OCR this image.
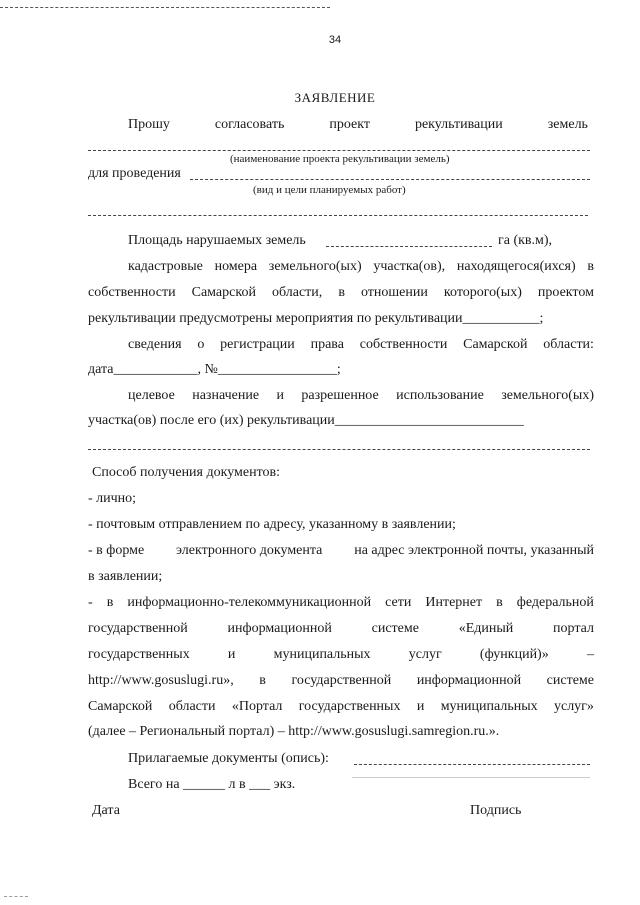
34
ЗАЯВЛЕНИЕ
Прошу	согласовать	проект	рекультивации	земель
(наименование проекта рекультивации земель)
для проведения
(вид и цели планируемых работ)
Площадь нарушаемых земель	га (кв.м),
кадастровые номера земельного(ых) участка(ов), находящегося(ихся) в
собственности Самарской области, в отношении которого(ых) проектом
рекультивации предусмотрены мероприятия по рекультивации___________;
сведения о регистрации права собственности Самарской области:
дата____________, №_________________;
целевое назначение и разрешенное использование земельного(ых)
участка(ов) после его (их) рекультивации___________________________
Способ получения документов:
- лично;
- почтовым отправлением по адресу, указанному в заявлении;
- в форме электронного документа на адрес электронной почты, указанный
в заявлении;
- в информационно-телекоммуникационной сети Интернет в федеральной
государственной	информационной	системе	«Единый	портал
государственных	и	муниципальных	услуг	(функций)»	–
http://www.gosuslugi.ru», в государственной информационной системе
Самарской области «Портал государственных и муниципальных услуг»
(далее – Региональный портал) – http://www.gosuslugi.samregion.ru.».
Прилагаемые документы (опись):
Всего на ______ л в ___ экз.
Дата	Подпись
